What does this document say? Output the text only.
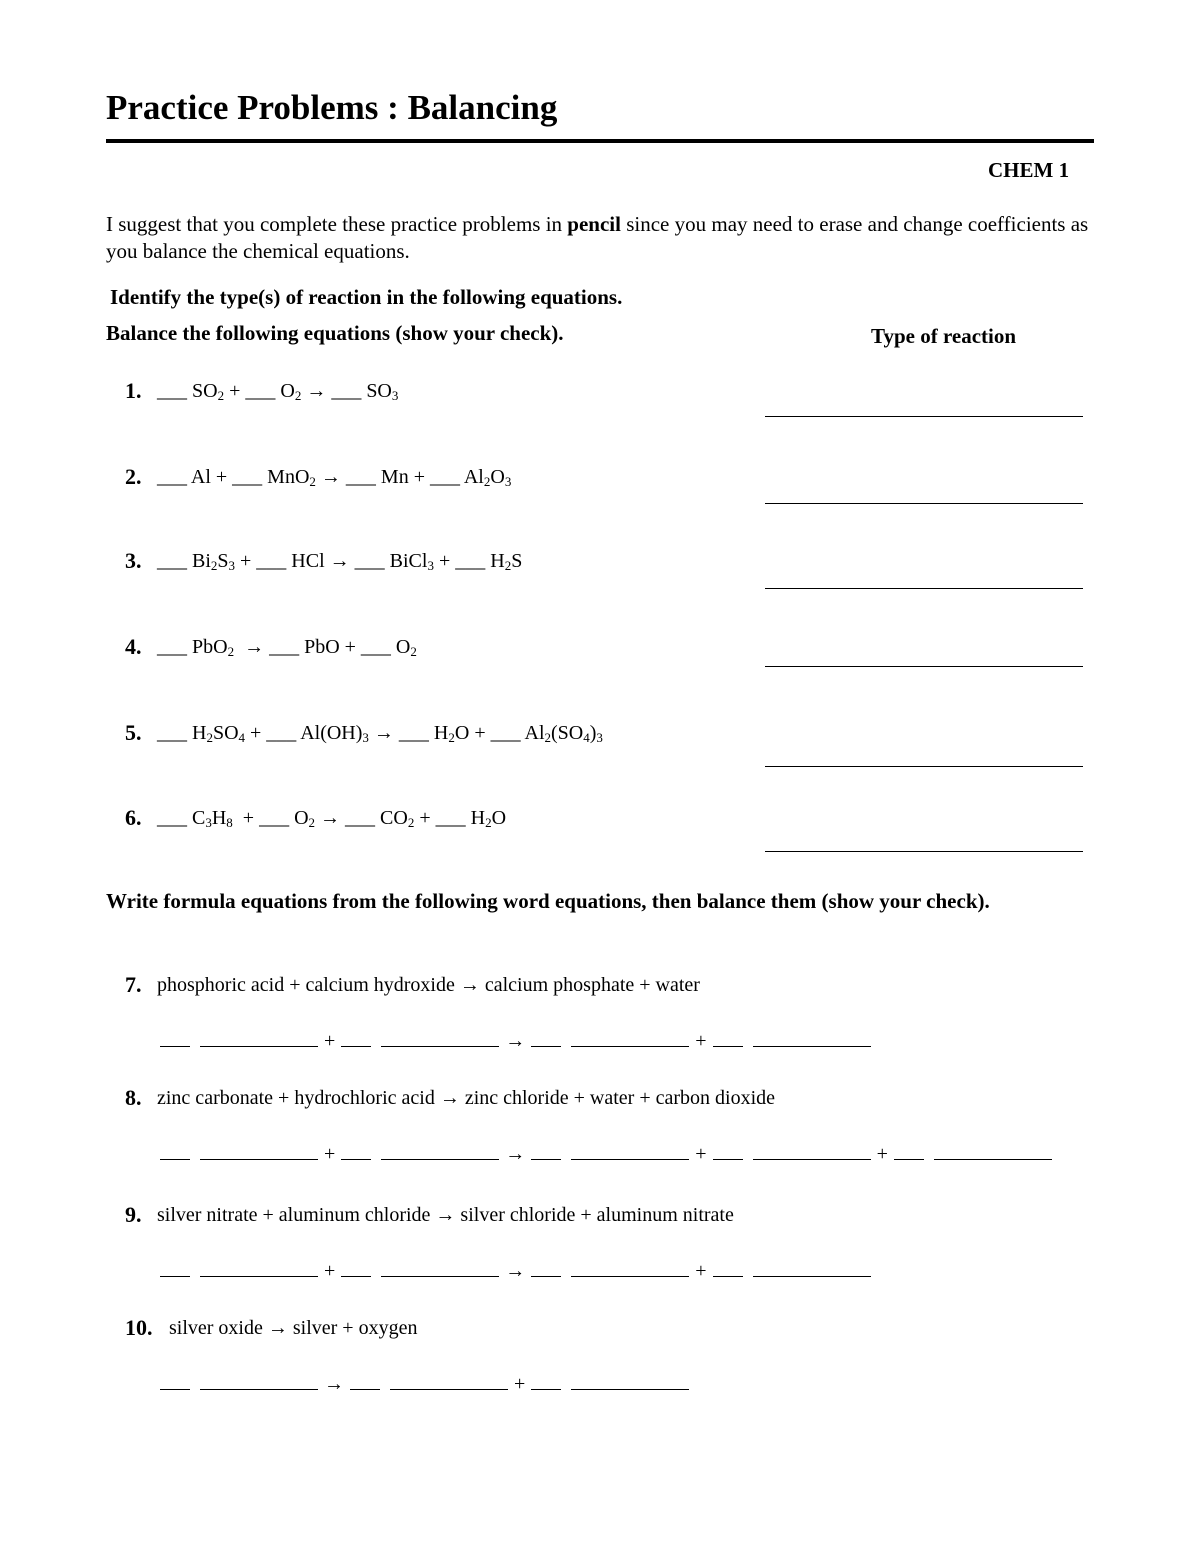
Practice Problems : Balancing
CHEM 1
I suggest that you complete these practice problems in pencil since you may need to erase and change coefficients as you balance the chemical equations.
Identify the type(s) of reaction in the following equations.
Balance the following equations (show your check).	Type of reaction
1. ___ $SO_2$ + ___ $O_2$ → ___ $SO_3$
2. ___ Al + ___ MnO$_2$ → ___ Mn + ___ $Al_2O_3$
3. ___ $Bi_2S_3$ + ___ HCl → ___ BiCl$_3$ + ___ $H_2S$
4. ___ PbO$_2$  → ___ PbO + ___ $O_2$
5. ___ $H_2SO_4$ + ___ $Al(OH)_3$ → ___ $H_2O$ + ___ $Al_2(SO_4)_3$
6. ___ $C_3H_8$  + ___ $O_2$ → ___ $CO_2$ + ___ $H_2O$
Write formula equations from the following word equations, then balance them (show your check).
7. phosphoric acid + calcium hydroxide → calcium phosphate + water
+	→	+
8. zinc carbonate + hydrochloric acid → zinc chloride + water + carbon dioxide
+	→	+	+
9. silver nitrate + aluminum chloride → silver chloride + aluminum nitrate
+	→	+
10. silver oxide → silver + oxygen
→	+
